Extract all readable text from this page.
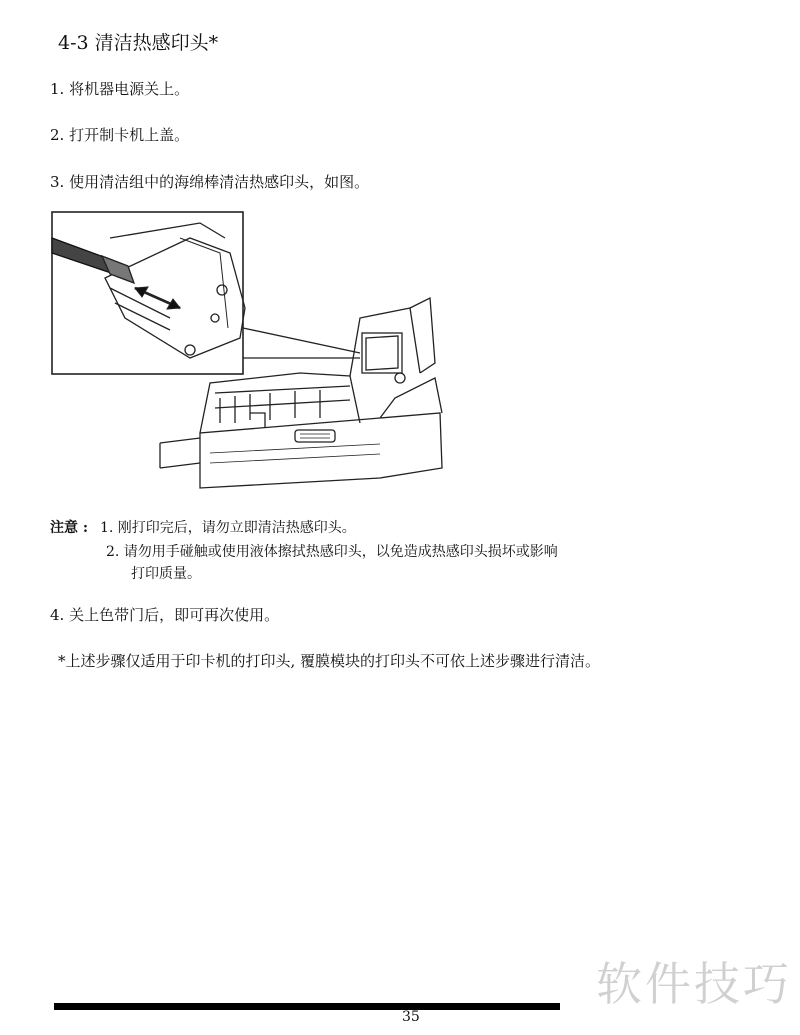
4-3 清洁热感印头*
1. 将机器电源关上。
2. 打开制卡机上盖。
3. 使用清洁组中的海绵棒清洁热感印头，如图。
注意 : 1. 刚打印完后，请勿立即清洁热感印头。
2. 请勿用手碰触或使用液体擦拭热感印头，以免造成热感印头损坏或影响
打印质量。
4. 关上色带门后，即可再次使用。
*上述步骤仅适用于印卡机的打印头, 覆膜模块的打印头不可依上述步骤进行清洁。
35
软件技巧
